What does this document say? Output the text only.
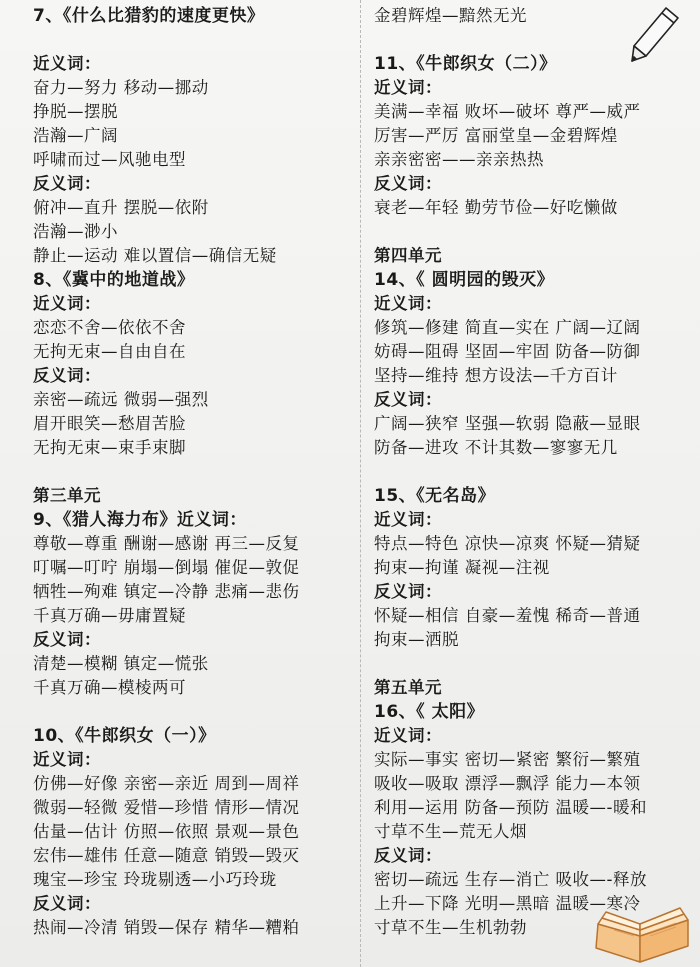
7、《什么比猎豹的速度更快》
近义词：
奋力—努力 移动—挪动
挣脱—摆脱
浩瀚—广阔
呼啸而过—风驰电型
反义词：
俯冲—直升 摆脱—依附
浩瀚—渺小
静止—运动 难以置信—确信无疑
8、《冀中的地道战》
近义词：
恋恋不舍—依依不舍
无拘无束—自由自在
反义词：
亲密—疏远 微弱—强烈
眉开眼笑—愁眉苦脸
无拘无束—束手束脚
第三单元
9、《猎人海力布》近义词：
尊敬—尊重 酬谢—感谢 再三—反复
叮嘱—叮咛 崩塌—倒塌 催促—敦促
牺牲—殉难 镇定—冷静 悲痛—悲伤
千真万确—毋庸置疑
反义词：
清楚—模糊 镇定—慌张
千真万确—模棱两可
10、《牛郎织女（一）》
近义词：
仿佛—好像 亲密—亲近 周到—周祥
微弱—轻微 爱惜—珍惜 情形—情况
估量—估计 仿照—依照 景观—景色
宏伟—雄伟 任意—随意 销毁—毁灭
瑰宝—珍宝 玲珑剔透—小巧玲珑
反义词：
热闹—冷清 销毁—保存 精华—糟粕
金碧辉煌—黯然无光
11、《牛郎织女（二）》
近义词：
美满—幸福 败坏—破坏 尊严—威严
厉害—严厉 富丽堂皇—金碧辉煌
亲亲密密——亲亲热热
反义词：
衰老—年轻 勤劳节俭—好吃懒做
第四单元
14、《 圆明园的毁灭》
近义词：
修筑—修建 简直—实在 广阔—辽阔
妨碍—阻碍 坚固—牢固 防备—防御
坚持—维持 想方设法—千方百计
反义词：
广阔—狭窄 坚强—软弱 隐蔽—显眼
防备—进攻 不计其数—寥寥无几
15、《无名岛》
近义词：
特点—特色 凉快—凉爽 怀疑—猜疑
拘束—拘谨 凝视—注视
反义词：
怀疑—相信 自豪—羞愧 稀奇—普通
拘束—洒脱
第五单元
16、《 太阳》
近义词：
实际—事实 密切—紧密 繁衍—繁殖
吸收—吸取 漂浮—飘浮 能力—本领
利用—运用 防备—预防 温暖—-暖和
寸草不生—荒无人烟
反义词：
密切—疏远 生存—消亡 吸收—-释放
上升—下降 光明—黑暗 温暖—寒冷
寸草不生—生机勃勃
